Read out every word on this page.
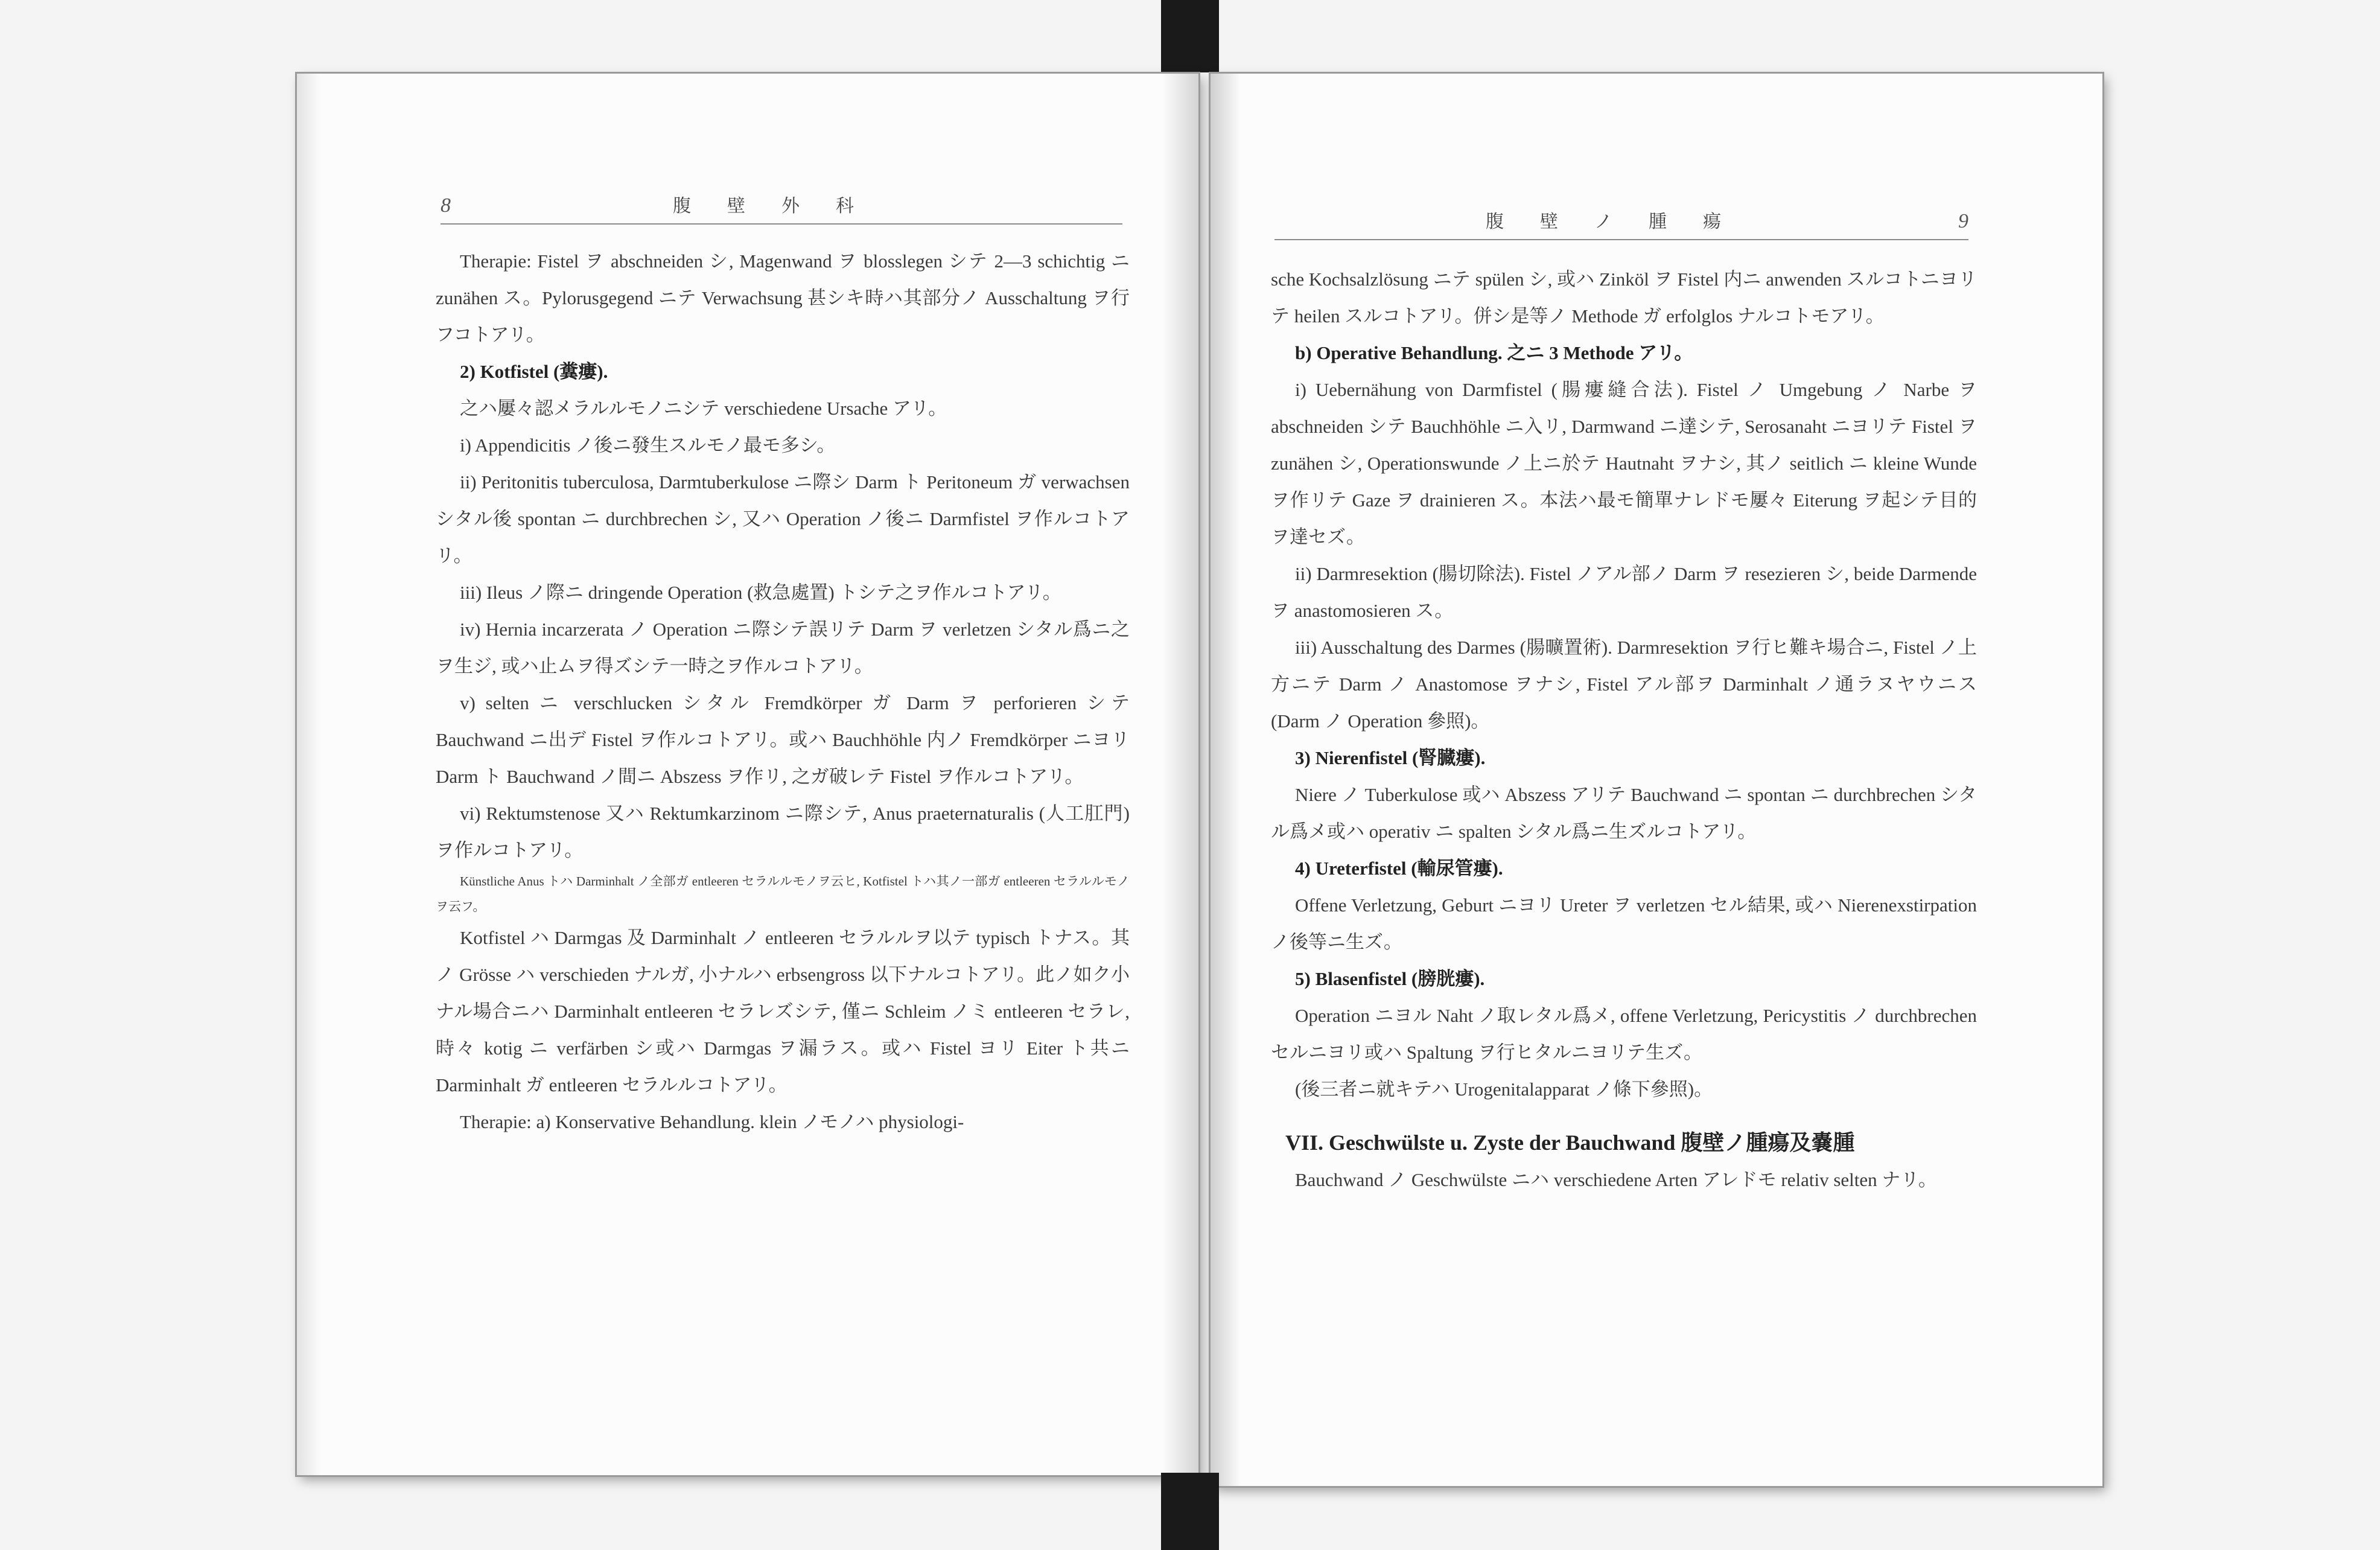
8	腹壁外科
Therapie: Fistel ヲ abschneiden シ, Magenwand ヲ blosslegen シテ 2—3 schichtig ニ zunähen ス。Pylorusgegend ニテ Verwachsung 甚シキ時ハ其部分ノ Ausschaltung ヲ行フコトアリ。
2) Kotfistel (糞瘻).
之ハ屢々認メラルルモノニシテ verschiedene Ursache アリ。
i) Appendicitis ノ後ニ發生スルモノ最モ多シ。
ii) Peritonitis tuberculosa, Darmtuberkulose ニ際シ Darm ト Peritoneum ガ verwachsen シタル後 spontan ニ durchbrechen シ, 又ハ Operation ノ後ニ Darmfistel ヲ作ルコトアリ。
iii) Ileus ノ際ニ dringende Operation (救急處置) トシテ之ヲ作ルコトアリ。
iv) Hernia incarzerata ノ Operation ニ際シテ誤リテ Darm ヲ verletzen シタル爲ニ之ヲ生ジ, 或ハ止ムヲ得ズシテ一時之ヲ作ルコトアリ。
v) selten ニ verschlucken シタル Fremdkörper ガ Darm ヲ perforieren シテ Bauchwand ニ出デ Fistel ヲ作ルコトアリ。或ハ Bauchhöhle 内ノ Fremdkörper ニヨリ Darm ト Bauchwand ノ間ニ Abszess ヲ作リ, 之ガ破レテ Fistel ヲ作ルコトアリ。
vi) Rektumstenose 又ハ Rektumkarzinom ニ際シテ, Anus praeternaturalis (人工肛門) ヲ作ルコトアリ。
Künstliche Anus トハ Darminhalt ノ全部ガ entleeren セラルルモノヲ云ヒ, Kotfistel トハ其ノ一部ガ entleeren セラルルモノヲ云フ。
Kotfistel ハ Darmgas 及 Darminhalt ノ entleeren セラルルヲ以テ typisch トナス。其ノ Grösse ハ verschieden ナルガ, 小ナルハ erbsengross 以下ナルコトアリ。此ノ如ク小ナル場合ニハ Darminhalt entleeren セラレズシテ, 僅ニ Schleim ノミ entleeren セラレ, 時々 kotig ニ verfärben シ或ハ Darmgas ヲ漏ラス。或ハ Fistel ヨリ Eiter ト共ニ Darminhalt ガ entleeren セラルルコトアリ。
Therapie: a) Konservative Behandlung. klein ノモノハ physiologi-
腹壁ノ腫瘍	9
sche Kochsalzlösung ニテ spülen シ, 或ハ Zinköl ヲ Fistel 内ニ anwenden スルコトニヨリテ heilen スルコトアリ。併シ是等ノ Methode ガ erfolglos ナルコトモアリ。
b) Operative Behandlung. 之ニ 3 Methode アリ。
i) Uebernähung von Darmfistel (腸瘻縫合法). Fistel ノ Umgebung ノ Narbe ヲ abschneiden シテ Bauchhöhle ニ入リ, Darmwand ニ達シテ, Serosanaht ニヨリテ Fistel ヲ zunähen シ, Operationswunde ノ上ニ於テ Hautnaht ヲナシ, 其ノ seitlich ニ kleine Wunde ヲ作リテ Gaze ヲ drainieren ス。本法ハ最モ簡單ナレドモ屢々 Eiterung ヲ起シテ目的ヲ達セズ。
ii) Darmresektion (腸切除法). Fistel ノアル部ノ Darm ヲ resezieren シ, beide Darmende ヲ anastomosieren ス。
iii) Ausschaltung des Darmes (腸曠置術). Darmresektion ヲ行ヒ難キ場合ニ, Fistel ノ上方ニテ Darm ノ Anastomose ヲナシ, Fistel アル部ヲ Darminhalt ノ通ラヌヤウニス (Darm ノ Operation 參照)。
3) Nierenfistel (腎臓瘻).
Niere ノ Tuberkulose 或ハ Abszess アリテ Bauchwand ニ spontan ニ durchbrechen シタル爲メ或ハ operativ ニ spalten シタル爲ニ生ズルコトアリ。
4) Ureterfistel (輸尿管瘻).
Offene Verletzung, Geburt ニヨリ Ureter ヲ verletzen セル結果, 或ハ Nierenexstirpation ノ後等ニ生ズ。
5) Blasenfistel (膀胱瘻).
Operation ニヨル Naht ノ取レタル爲メ, offene Verletzung, Pericystitis ノ durchbrechen セルニヨリ或ハ Spaltung ヲ行ヒタルニヨリテ生ズ。
(後三者ニ就キテハ Urogenitalapparat ノ條下參照)。
VII. Geschwülste u. Zyste der Bauchwand 腹壁ノ腫瘍及嚢腫
Bauchwand ノ Geschwülste ニハ verschiedene Arten アレドモ relativ selten ナリ。
